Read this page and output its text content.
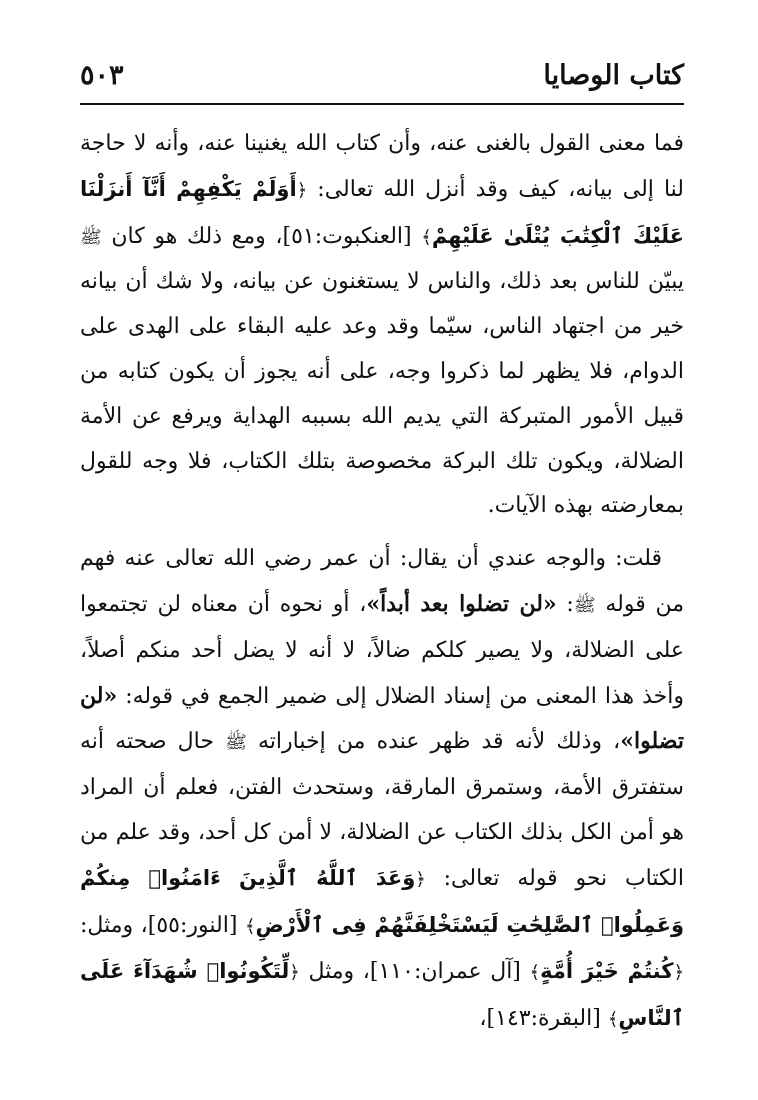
كتاب الوصايا
٥٠٣

فما معنى القول بالغنى عنه، وأن كتاب الله يغنينا عنه، وأنه لا حاجة لنا إلى بيانه، كيف وقد أنزل الله تعالى: ﴿أَوَلَمْ يَكْفِهِمْ أَنَّآ أَنزَلْنَا عَلَيْكَ ٱلْكِتَٰبَ يُتْلَىٰ عَلَيْهِمْ﴾ [العنكبوت:٥١]، ومع ذلك هو كان ﷺ يبيّن للناس بعد ذلك، والناس لا يستغنون عن بيانه، ولا شك أن بيانه خير من اجتهاد الناس، سيّما وقد وعد عليه البقاء على الهدى على الدوام، فلا يظهر لما ذكروا وجه، على أنه يجوز أن يكون كتابه من قبيل الأمور المتبركة التي يديم الله بسببه الهداية ويرفع عن الأمة الضلالة، ويكون تلك البركة مخصوصة بتلك الكتاب، فلا وجه للقول بمعارضته بهذه الآيات.

قلت: والوجه عندي أن يقال: أن عمر رضي الله تعالى عنه فهم من قوله ﷺ: «لن تضلوا بعد أبداً»، أو نحوه أن معناه لن تجتمعوا على الضلالة، ولا يصير كلكم ضالاً، لا أنه لا يضل أحد منكم أصلاً، وأخذ هذا المعنى من إسناد الضلال إلى ضمير الجمع في قوله: «لن تضلوا»، وذلك لأنه قد ظهر عنده من إخباراته ﷺ حال صحته أنه ستفترق الأمة، وستمرق المارقة، وستحدث الفتن، فعلم أن المراد هو أمن الكل بذلك الكتاب عن الضلالة، لا أمن كل أحد، وقد علم من الكتاب نحو قوله تعالى: ﴿وَعَدَ ٱللَّهُ ٱلَّذِينَ ءَامَنُوا۟ مِنكُمْ وَعَمِلُوا۟ ٱلصَّٰلِحَٰتِ لَيَسْتَخْلِفَنَّهُمْ فِى ٱلْأَرْضِ﴾ [النور:٥٥]، ومثل: ﴿كُنتُمْ خَيْرَ أُمَّةٍ﴾ [آل عمران:١١٠]، ومثل ﴿لِّتَكُونُوا۟ شُهَدَآءَ عَلَى ٱلنَّاسِ﴾ [البقرة:١٤٣]،
